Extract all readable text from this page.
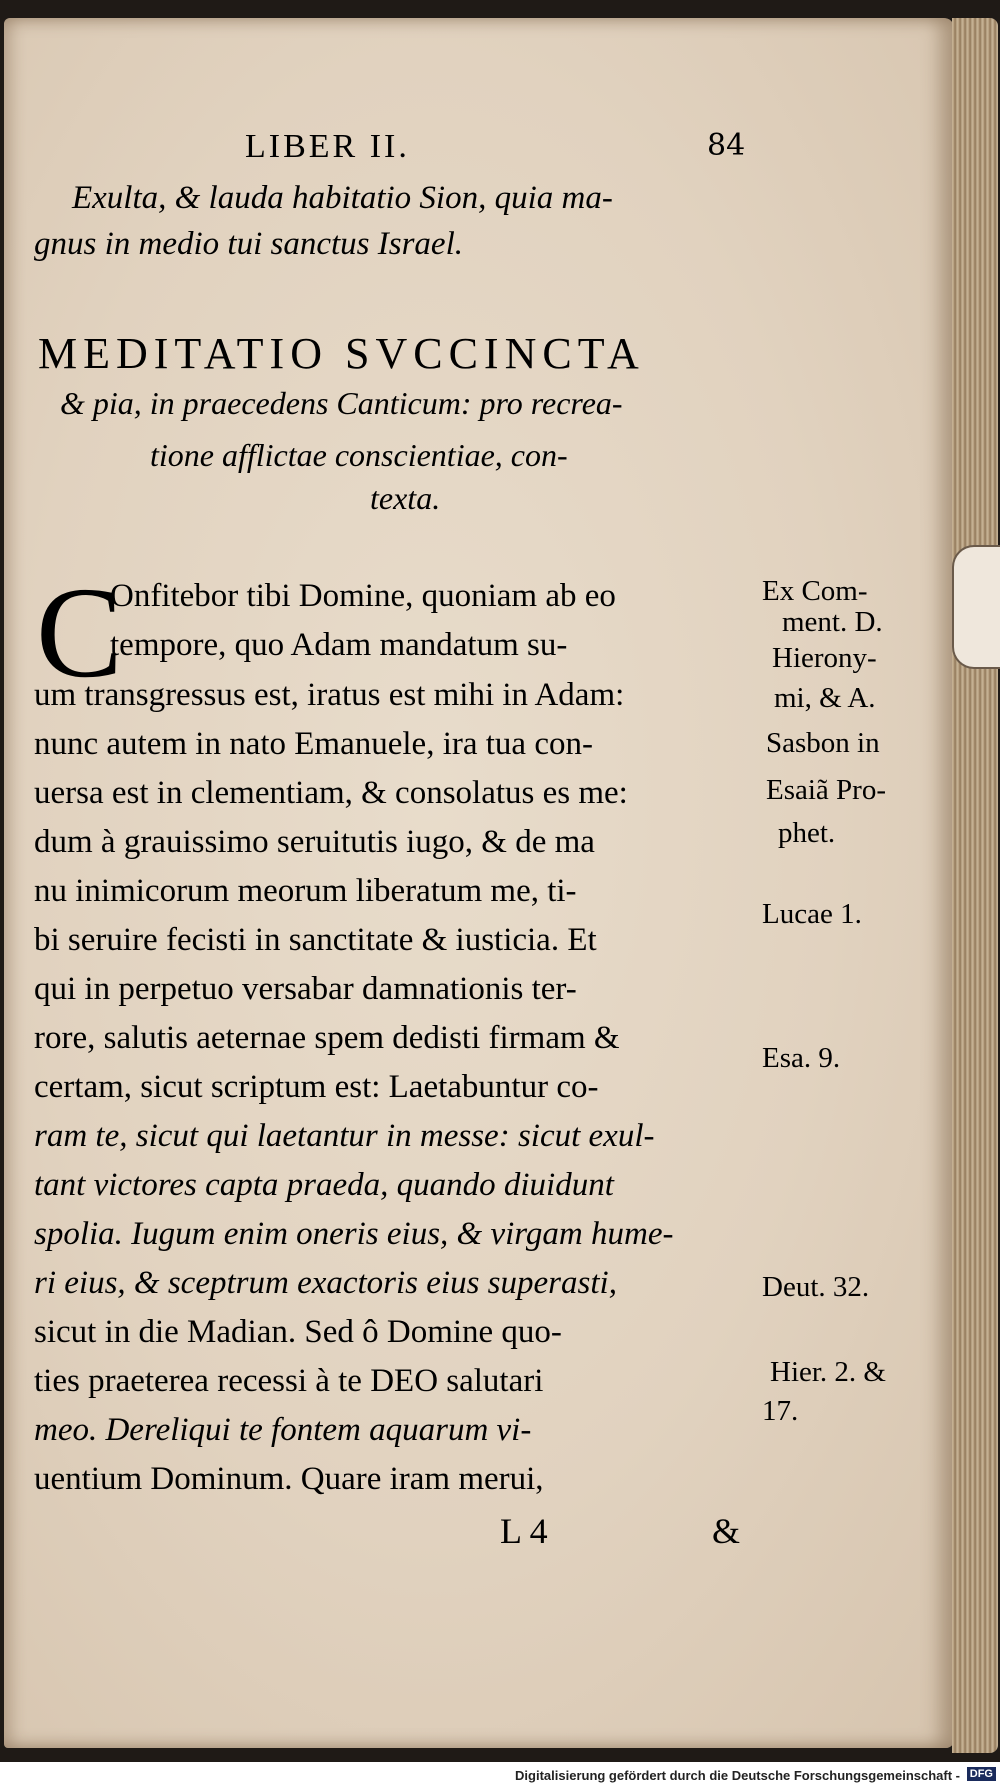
LIBER II.	84
Exulta, & lauda habitatio Sion, quia ma-
gnus in medio tui sanctus Israel.
MEDITATIO SVCCINCTA
& pia, in praecedens Canticum: pro recrea-
tione afflictae conscientiae, con-
texta.
C
Onfitebor tibi Domine, quoniam ab eo
tempore, quo Adam mandatum su-
um transgressus est, iratus est mihi in Adam:
nunc autem in nato Emanuele, ira tua con-
uersa est in clementiam, & consolatus es me:
dum à grauissimo seruitutis iugo, & de ma
nu inimicorum meorum liberatum me, ti-
bi seruire fecisti in sanctitate & iusticia. Et
qui in perpetuo versabar damnationis ter-
rore, salutis aeternae spem dedisti firmam &
certam, sicut scriptum est: Laetabuntur co-
ram te, sicut qui laetantur in messe: sicut exul-
tant victores capta praeda, quando diuidunt
spolia. Iugum enim oneris eius, & virgam hume-
ri eius, & sceptrum exactoris eius superasti,
sicut in die Madian. Sed ô Domine quo-
ties praeterea recessi à te DEO salutari
meo. Dereliqui te fontem aquarum vi-
uentium Dominum. Quare iram merui,
L 4	&
Ex Com-
ment. D.
Hierony-
mi, & A.
Sasbon in
Esaiã Pro-
phet.
Lucae 1.
Esa. 9.
Deut. 32.
Hier. 2. &
17.
Digitalisierung gefördert durch die Deutsche Forschungsgemeinschaft - DFG
